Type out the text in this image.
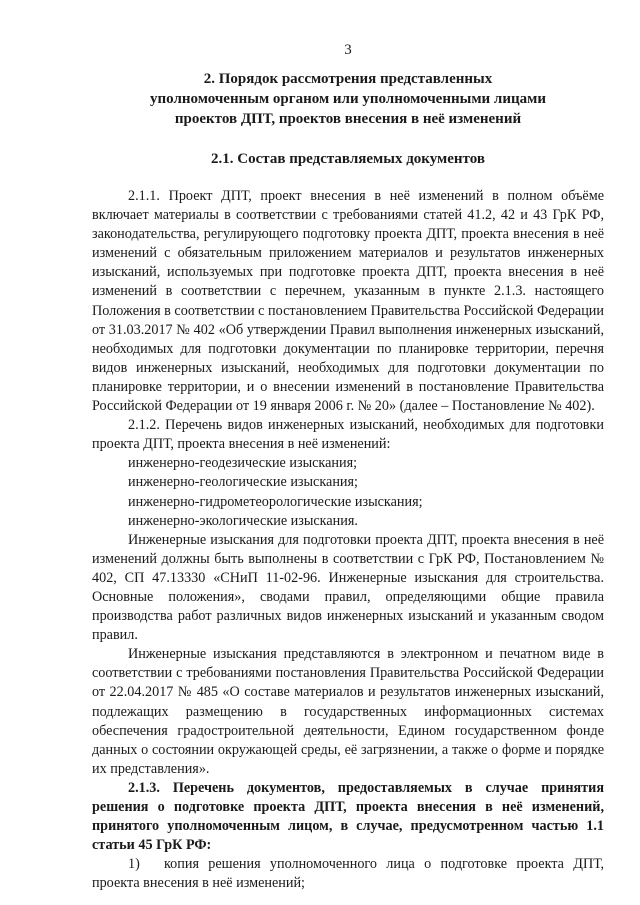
3
2. Порядок рассмотрения представленных
уполномоченным органом или уполномоченными лицами
проектов ДПТ, проектов внесения в неё изменений
2.1. Состав представляемых документов

2.1.1. Проект ДПТ, проект внесения в неё изменений в полном объёме включает материалы в соответствии с требованиями статей 41.2, 42 и 43 ГрК РФ, законодательства, регулирующего подготовку проекта ДПТ, проекта внесения в неё изменений с обязательным приложением материалов и результатов инженерных изысканий, используемых при подготовке проекта ДПТ, проекта внесения в неё изменений в соответствии с перечнем, указанным в пункте 2.1.3. настоящего Положения в соответствии с постановлением Правительства Российской Федерации от 31.03.2017 № 402 «Об утверждении Правил выполнения инженерных изысканий, необходимых для подготовки документации по планировке территории, перечня видов инженерных изысканий, необходимых для подготовки документации по планировке территории, и о внесении изменений в постановление Правительства Российской Федерации от 19 января 2006 г. № 20» (далее – Постановление № 402).

2.1.2. Перечень видов инженерных изысканий, необходимых для подготовки проекта ДПТ, проекта внесения в неё изменений:

инженерно-геодезические изыскания;
инженерно-геологические изыскания;
инженерно-гидрометеорологические изыскания;
инженерно-экологические изыскания.

Инженерные изыскания для подготовки проекта ДПТ, проекта внесения в неё изменений должны быть выполнены в соответствии с ГрК РФ, Постановлением № 402, СП 47.13330 «СНиП 11-02-96. Инженерные изыскания для строительства. Основные положения», сводами правил, определяющими общие правила производства работ различных видов инженерных изысканий и указанным сводом правил.

Инженерные изыскания представляются в электронном и печатном виде в соответствии с требованиями постановления Правительства Российской Федерации от 22.04.2017 № 485 «О составе материалов и результатов инженерных изысканий, подлежащих размещению в государственных информационных системах обеспечения градостроительной деятельности, Едином государственном фонде данных о состоянии окружающей среды, её загрязнении, а также о форме и порядке их представления».

2.1.3. Перечень документов, предоставляемых в случае принятия решения о подготовке проекта ДПТ, проекта внесения в неё изменений, принятого уполномоченным лицом, в случае, предусмотренном частью 1.1 статьи 45 ГрК РФ:

1) копия решения уполномоченного лица о подготовке проекта ДПТ, проекта внесения в неё изменений;
